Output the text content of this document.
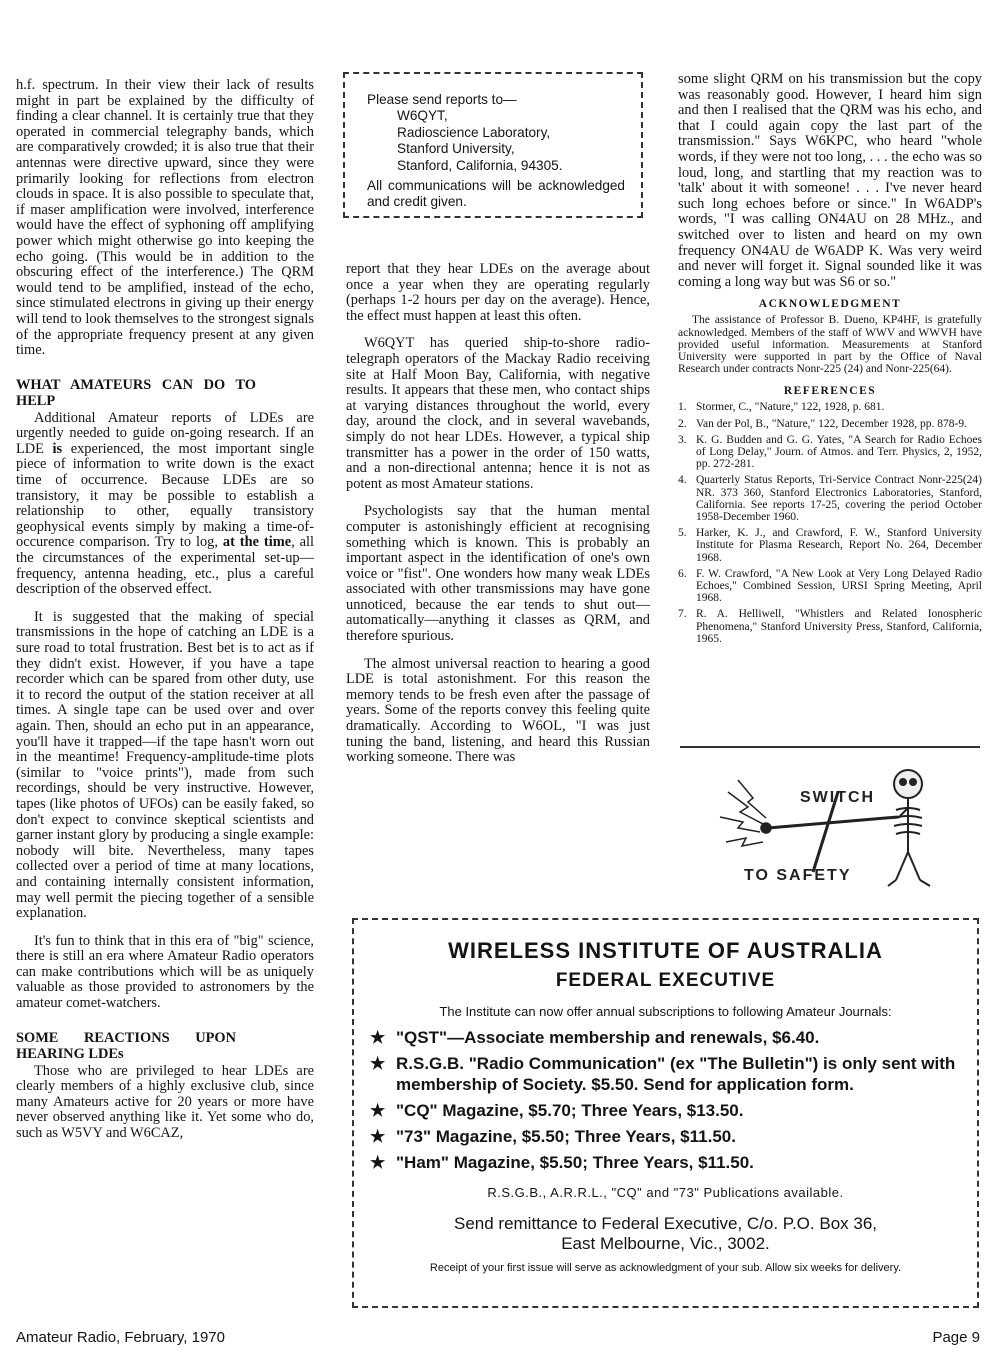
h.f. spectrum. In their view their lack of results might in part be explained by the difficulty of finding a clear channel. It is certainly true that they operated in commercial telegraphy bands, which are comparatively crowded; it is also true that their antennas were directive upward, since they were primarily looking for reflections from electron clouds in space. It is also possible to speculate that, if maser amplification were involved, interference would have the effect of syphoning off amplifying power which might otherwise go into keeping the echo going. (This would be in addition to the obscuring effect of the interference.) The QRM would tend to be amplified, instead of the echo, since stimulated electrons in giving up their energy will tend to look themselves to the strongest signals of the appropriate frequency present at any given time.

WHAT AMATEURS CAN DO TO HELP

Additional Amateur reports of LDEs are urgently needed to guide on-going research. If an LDE is experienced, the most important single piece of information to write down is the exact time of occurrence. Because LDEs are so transistory, it may be possible to establish a relationship to other, equally transistory geophysical events simply by making a time-of-occurence comparison. Try to log, at the time, all the circumstances of the experimental set-up—frequency, antenna heading, etc., plus a careful description of the observed effect.

It is suggested that the making of special transmissions in the hope of catching an LDE is a sure road to total frustration. Best bet is to act as if they didn't exist. However, if you have a tape recorder which can be spared from other duty, use it to record the output of the station receiver at all times. A single tape can be used over and over again. Then, should an echo put in an appearance, you'll have it trapped—if the tape hasn't worn out in the meantime! Frequency-amplitude-time plots (similar to "voice prints"), made from such recordings, should be very instructive. However, tapes (like photos of UFOs) can be easily faked, so don't expect to convince skeptical scientists and garner instant glory by producing a single example: nobody will bite. Nevertheless, many tapes collected over a period of time at many locations, and containing internally consistent information, may well permit the piecing together of a sensible explanation.

It's fun to think that in this era of "big" science, there is still an era where Amateur Radio operators can make contributions which will be as uniquely valuable as those provided to astronomers by the amateur comet-watchers.

SOME REACTIONS UPON HEARING LDEs

Those who are privileged to hear LDEs are clearly members of a highly exclusive club, since many Amateurs active for 20 years or more have never observed anything like it. Yet some who do, such as W5VY and W6CAZ,

Please send reports to—
W6QYT,
Radioscience Laboratory,
Stanford University,
Stanford, California, 94305.
All communications will be acknowledged and credit given.

report that they hear LDEs on the average about once a year when they are operating regularly (perhaps 1-2 hours per day on the average). Hence, the effect must happen at least this often.

W6QYT has queried ship-to-shore radio-telegraph operators of the Mackay Radio receiving site at Half Moon Bay, California, with negative results. It appears that these men, who contact ships at varying distances throughout the world, every day, around the clock, and in several wavebands, simply do not hear LDEs. However, a typical ship transmitter has a power in the order of 150 watts, and a non-directional antenna; hence it is not as potent as most Amateur stations.

Psychologists say that the human mental computer is astonishingly efficient at recognising something which is known. This is probably an important aspect in the identification of one's own voice or "fist". One wonders how many weak LDEs associated with other transmissions may have gone unnoticed, because the ear tends to shut out—automatically—anything it classes as QRM, and therefore spurious.

The almost universal reaction to hearing a good LDE is total astonishment. For this reason the memory tends to be fresh even after the passage of years. Some of the reports convey this feeling quite dramatically. According to W6OL, "I was just tuning the band, listening, and heard this Russian working someone. There was

some slight QRM on his transmission but the copy was reasonably good. However, I heard him sign and then I realised that the QRM was his echo, and that I could again copy the last part of the transmission." Says W6KPC, who heard "whole words, if they were not too long, . . . the echo was so loud, long, and startling that my reaction was to 'talk' about it with someone! . . . I've never heard such long echoes before or since." In W6ADP's words, "I was calling ON4AU on 28 MHz., and switched over to listen and heard on my own frequency ON4AU de W6ADP K. Was very weird and never will forget it. Signal sounded like it was coming a long way but was S6 or so."

ACKNOWLEDGMENT
The assistance of Professor B. Dueno, KP4HF, is gratefully acknowledged. Members of the staff of WWV and WWVH have provided useful information. Measurements at Stanford University were supported in part by the Office of Naval Research under contracts Nonr-225 (24) and Nonr-225(64).
REFERENCES
1. Stormer, C., "Nature," 122, 1928, p. 681.
2. Van der Pol, B., "Nature," 122, December 1928, pp. 878-9.
3. K. G. Budden and G. G. Yates, "A Search for Radio Echoes of Long Delay," Journ. of Atmos. and Terr. Physics, 2, 1952, pp. 272-281.
4. Quarterly Status Reports, Tri-Service Contract Nonr-225(24) NR. 373 360, Stanford Electronics Laboratories, Stanford, California. See reports 17-25, covering the period October 1958-December 1960.
5. Harker, K. J., and Crawford, F. W., Stanford University Institute for Plasma Research, Report No. 264, December 1968.
6. F. W. Crawford, "A New Look at Very Long Delayed Radio Echoes," Combined Session, URSI Spring Meeting, April 1968.
7. R. A. Helliwell, "Whistlers and Related Ionospheric Phenomena," Stanford University Press, Stanford, California, 1965.
SWITCH
TO SAFETY
WIRELESS INSTITUTE OF AUSTRALIA
FEDERAL EXECUTIVE
The Institute can now offer annual subscriptions to following Amateur Journals:
★ "QST"—Associate membership and renewals, $6.40.
★ R.S.G.B. "Radio Communication" (ex "The Bulletin") is only sent with membership of Society. $5.50. Send for application form.
★ "CQ" Magazine, $5.70; Three Years, $13.50.
★ "73" Magazine, $5.50; Three Years, $11.50.
★ "Ham" Magazine, $5.50; Three Years, $11.50.
R.S.G.B., A.R.R.L., "CQ" and "73" Publications available.
Send remittance to Federal Executive, C/o. P.O. Box 36,
East Melbourne, Vic., 3002.
Receipt of your first issue will serve as acknowledgment of your sub. Allow six weeks for delivery.
Amateur Radio, February, 1970	Page 9
